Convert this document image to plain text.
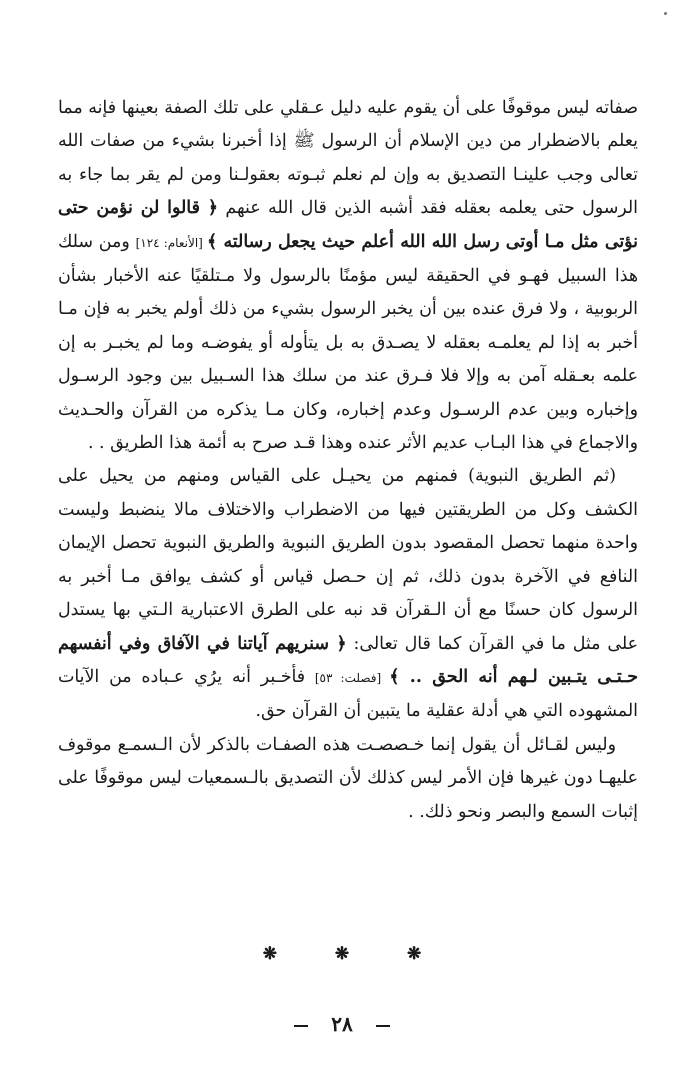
صفاته ليس موقوفًا على أن يقوم عليه دليل عـقلي على تلك الصفة بعينها فإنه مما يعلم بالاضطرار من دين الإسلام أن الرسول ﷺ إذا أخبرنا بشيء من صفات الله تعالى وجب علينـا التصديق به وإن لم نعلم ثبـوته بعقولـنا ومن لم يقر بما جاء به الرسول حتى يعلمه بعقله فقد أشبه الذين قال الله عنهم ﴿ قالوا لن نؤمن حتى نؤتى مثل مـا أوتى رسل الله الله أعلم حيث يجعل رسالته ﴾ [الأنعام: ١٢٤] ومن سلك هذا السبيل فهـو في الحقيقة ليس مؤمنًا بالرسول ولا مـتلقيًا عنه الأخبار بشأن الربوبية ، ولا فرق عنده بين أن يخبر الرسول بشيء من ذلك أولم يخبر به فإن مـا أخبر به إذا لم يعلمـه بعقله لا يصـدق به بل يتأوله أو يفوضـه وما لم يخبـر به إن علمه بعـقله آمن به وإلا فلا فـرق عند من سلك هذا السـبيل بين وجود الرسـول وإخباره وبين عدم الرسـول وعدم إخباره، وكان مـا يذكره من القرآن والحـديث والاجماع في هذا البـاب عديم الأثر عنده وهذا قـد صرح به أئمة هذا الطريق . .

(ثم الطريق النبوية) فمنهم من يحيـل على القياس ومنهم من يحيل على الكشف وكل من الطريقتين فيها من الاضطراب والاختلاف مالا ينضبط وليست واحدة منهما تحصل المقصود بدون الطريق النبوية والطريق النبوية تحصل الإيمان النافع في الآخرة بدون ذلك، ثم إن حـصل قياس أو كشف يوافق مـا أخبر به الرسول كان حسنًا مع أن الـقرآن قد نبه على الطرق الاعتبارية الـتي بها يستدل على مثل ما في القرآن كما قال تعالى: ﴿ سنريهم آياتنا في الآفاق وفي أنفسهم حـتـى يتـبين لـهم أنه الحق .. ﴾ [فصلت: ٥٣] فأخـبر أنه يرُي عـباده من الآيات المشهوده التي هي أدلة عقلية ما يتبين أن القرآن حق.

وليس لقـائل أن يقول إنما خـصصـت هذه الصفـات بالذكر لأن الـسمـع موقوف عليهـا دون غيرها فإن الأمر ليس كذلك لأن التصديق بالـسمعيات ليس موقوفًا على إثبات السمع والبصر ونحو ذلك. .

❋	❋	❋
٢٨
